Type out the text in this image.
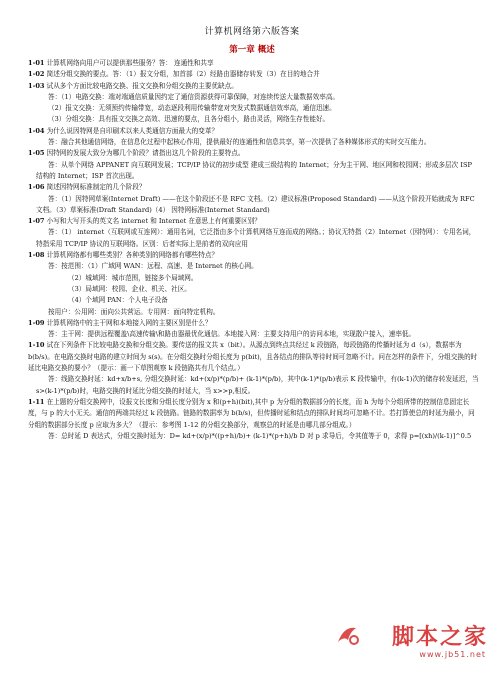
计算机网络第六版答案
第一章 概述

1-01 计算机网络向用户可以提供那些服务？答： 连通性和共享

1-02 简述分组交换的要点。答：（1）报文分组，加首部（2）经路由器储存转发（3）在目的地合并

1-03 试从多个方面比较电路交换、报文交换和分组交换的主要优缺点。

答：（1）电路交换：端对端通信质量因约定了通信资源获得可靠保障，对连续传送大量数据效率高。

（2）报文交换：无须预约传输带宽，动态逐段利用传输带宽对突发式数据通信效率高，通信迅速。

（3）分组交换：具有报文交换之高效、迅速的要点，且各分组小，路由灵活，网络生存性能好。

1-04 为什么说因特网是自印刷术以来人类通信方面最大的变革？

答：融合其他通信网络，在信息化过程中起核心作用，提供最好的连通性和信息共享，第一次提供了各种媒体形式的实时交互能力。

1-05 因特网的发展大致分为哪几个阶段？请指出这几个阶段的主要特点。

答：从单个网络 APPANET 向互联网发展；TCP/IP 协议的初步成型 建成三级结构的 Internet；分为主干网、地区网和校园网；形成多层次 ISP 结构的 Internet；ISP 首次出现。

1-06 简述因特网标准制定的几个阶段？

答：（1）因特网草案(Internet Draft) ——在这个阶段还不是 RFC 文档。（2）建议标准(Proposed Standard) ——从这个阶段开始就成为 RFC 文档。（3）草案标准(Draft Standard)（4） 因特网标准(Internet Standard)

1-07 小写和大写开头的英文名 internet 和 Internet 在意思上有何重要区别？

答：（1） internet（互联网或互连网）：通用名词，它泛指由多个计算机网络互连而成的网络。；协议无特指（2）Internet（因特网）：专用名词，特指采用 TCP/IP 协议的互联网络。区别：后者实际上是前者的双向应用

1-08 计算机网络都有哪些类别？各种类别的网络都有哪些特点？

答：按范围：（1）广域网 WAN：远程、高速、是 Internet 的核心网。

（2）城域网：城市范围，链接多个局域网。

（3）局域网：校园、企业、机关、社区。

（4）个域网 PAN：个人电子设备

按用户：公用网：面向公共营运。专用网：面向特定机构。

1-09 计算机网络中的主干网和本地接入网的主要区别是什么？

答：主干网：提供远程覆盖\高速传输\和路由器最优化通信。本地接入网：主要支持用户的访问本地，实现散户接入，速率低。

1-10 试在下列条件下比较电路交换和分组交换。要传送的报文共 x（bit）。从源点到终点共经过 k 段链路，每段链路的传播时延为 d（s），数据率为 b(b/s)。在电路交换时电路的建立时间为 s(s)。在分组交换时分组长度为 p(bit)，且各结点的排队等待时间可忽略不计。问在怎样的条件下，分组交换的时延比电路交换的要小？（提示：画一下草图观察 k 段链路共有几个结点。）

答：线路交换时延：kd+x/b+s, 分组交换时延：kd+(x/p)*(p/b)+ (k-1)*(p/b)，其中(k-1)*(p/b)表示 K 段传输中，有(k-1)次的储存转发延迟，当 s>(k-1)*(p/b)时，电路交换的时延比分组交换的时延大，当 x>>p,相反。

1-11 在上题的分组交换网中，设报文长度和分组长度分别为 x 和(p+h)(bit),其中 p 为分组的数据部分的长度，而 h 为每个分组所带的控制信息固定长度，与 p 的大小无关。通信的两端共经过 k 段链路。链路的数据率为 b(b/s)，但传播时延和结点的排队时间均可忽略不计。若打算使总的时延为最小，问分组的数据部分长度 p 应取为多大？（提示：参考图 1-12 的分组交换部分，观察总的时延是由哪几部分组成。）

答：总时延 D 表达式，分组交换时延为：D= kd+(x/p)*((p+h)/b)+ (k-1)*(p+h)/b D 对 p 求导后，令其值等于 0，求得 p=[(xh)/(k-1)]^0.5

脚本之家
www.jb51.net
